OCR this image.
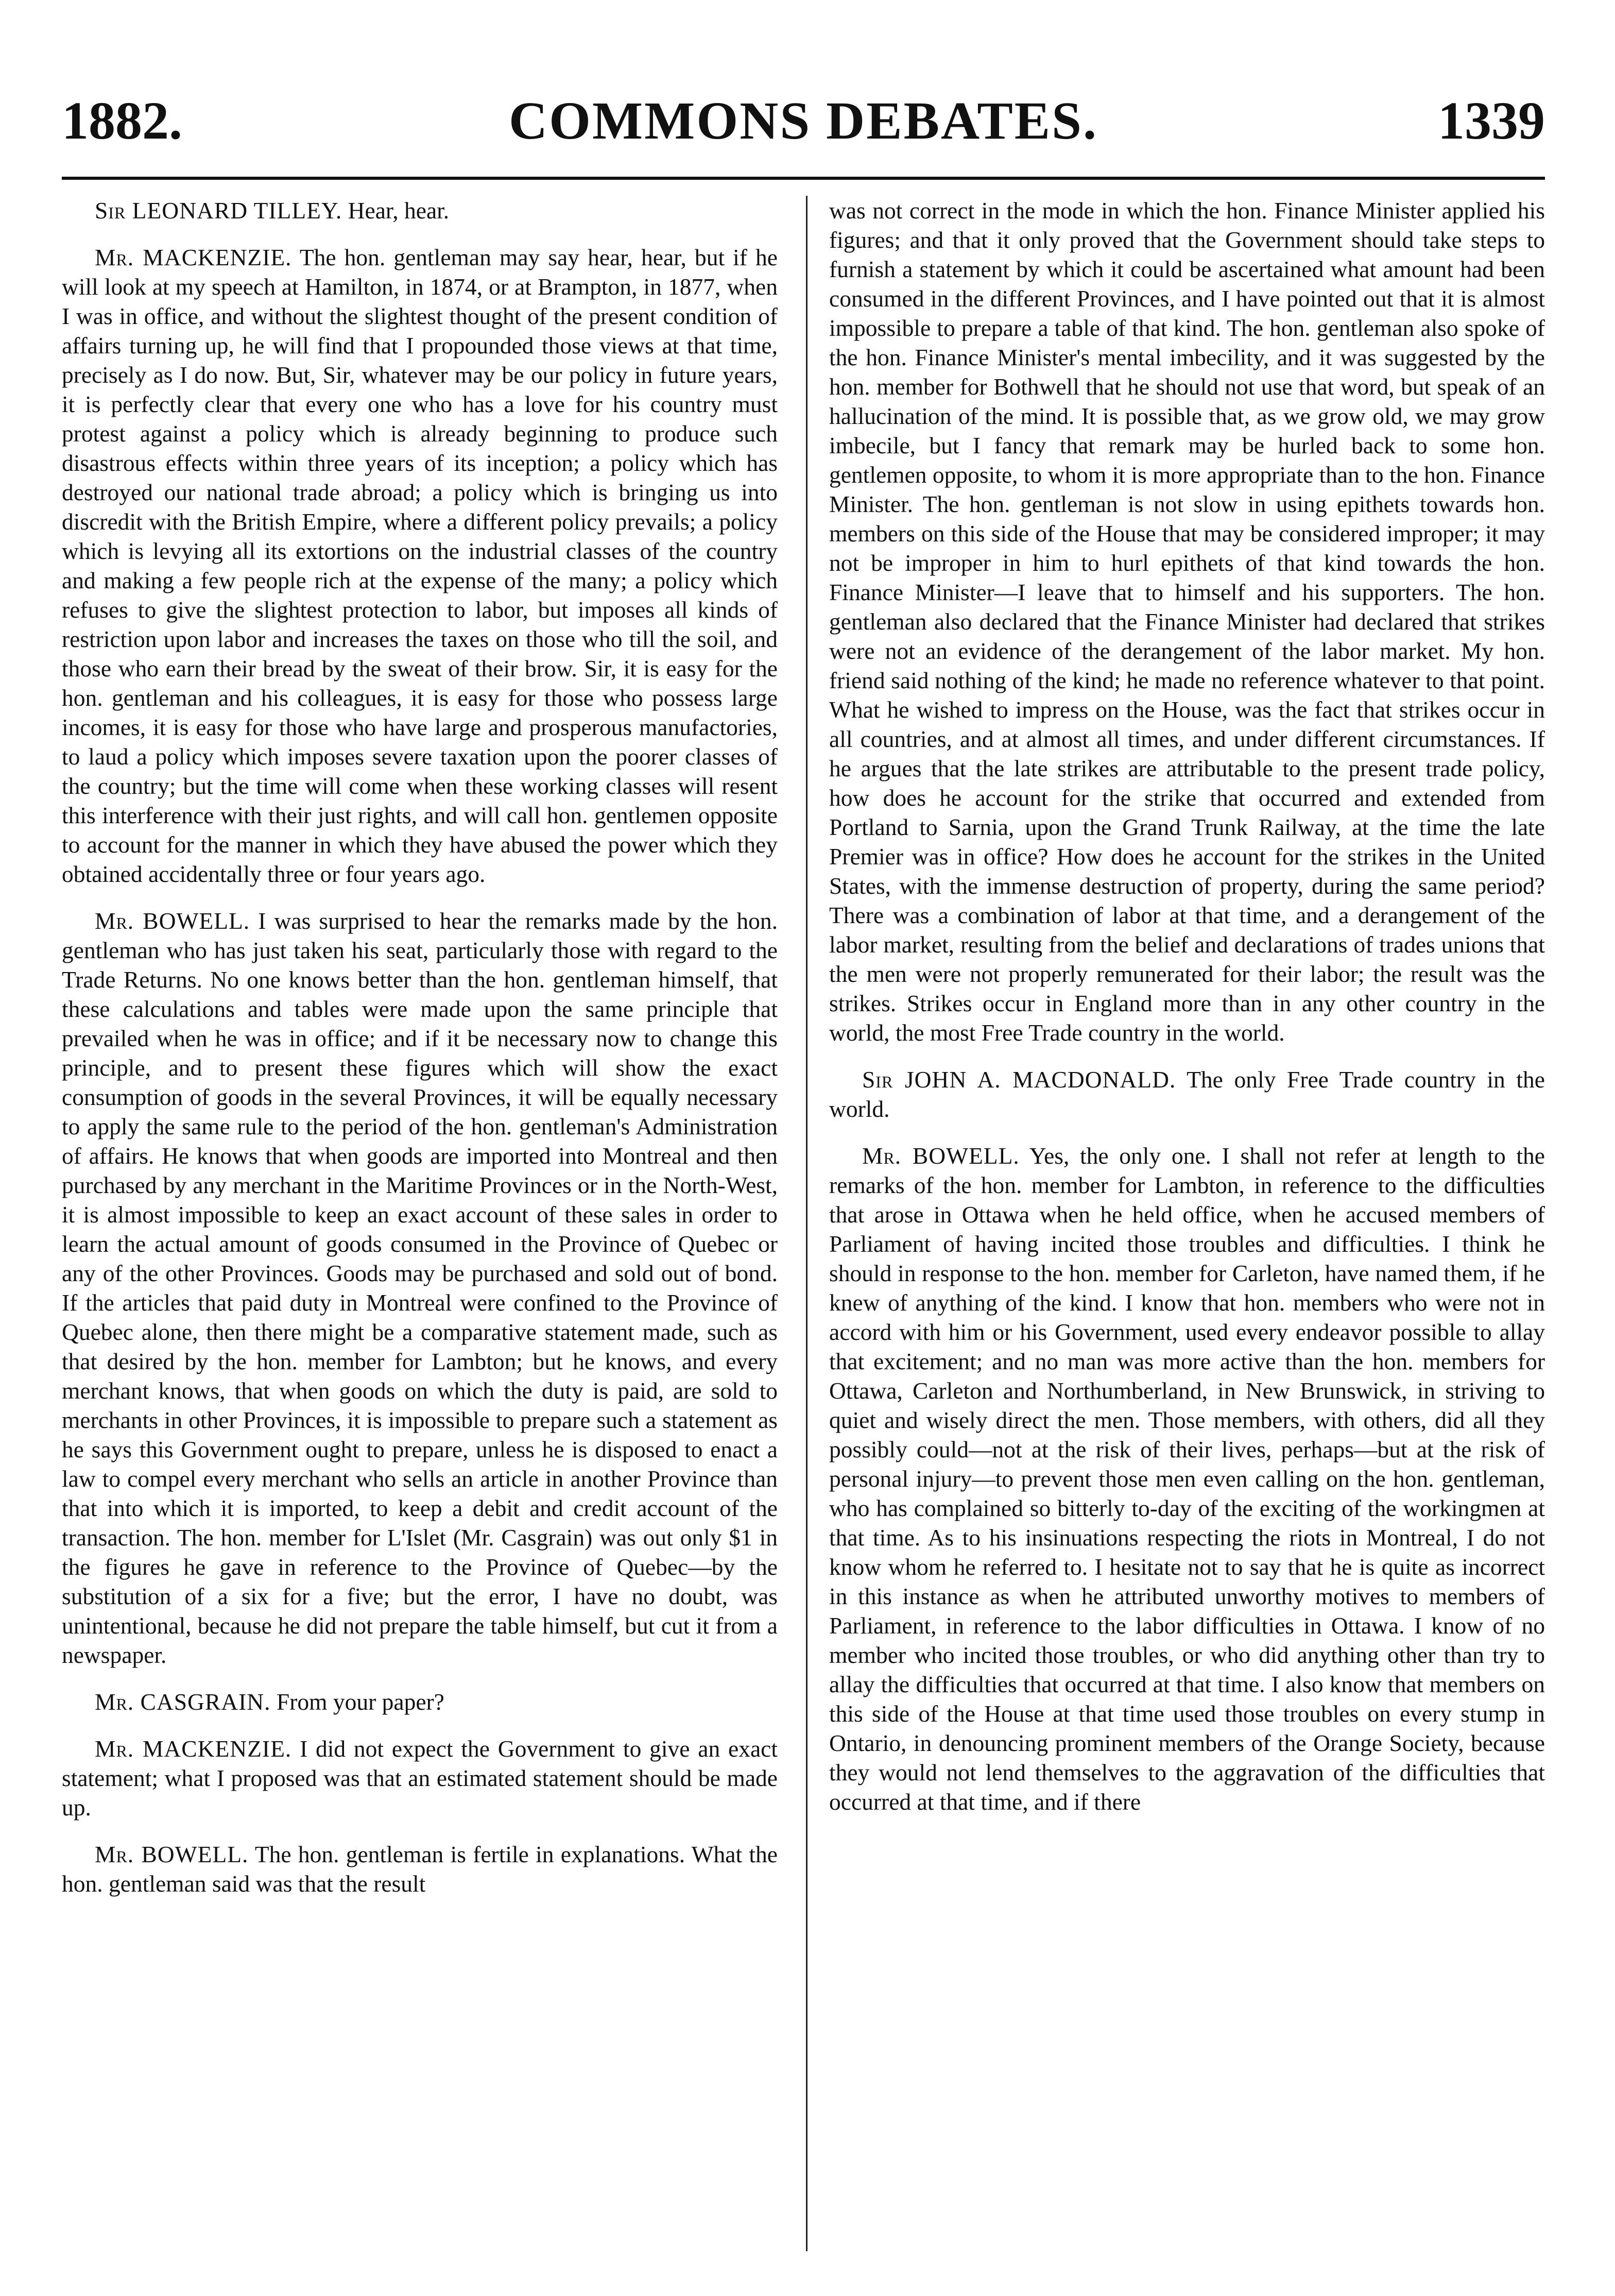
1882.	COMMONS DEBATES.	1339

Sir LEONARD TILLEY. Hear, hear.

Mr. MACKENZIE. The hon. gentleman may say hear, hear, but if he will look at my speech at Hamilton, in 1874, or at Brampton, in 1877, when I was in office, and without the slightest thought of the present condition of affairs turning up, he will find that I propounded those views at that time, precisely as I do now. But, Sir, whatever may be our policy in future years, it is perfectly clear that every one who has a love for his country must protest against a policy which is already beginning to produce such disastrous effects within three years of its inception; a policy which has destroyed our national trade abroad; a policy which is bringing us into discredit with the British Empire, where a different policy prevails; a policy which is levying all its extortions on the industrial classes of the country and making a few people rich at the expense of the many; a policy which refuses to give the slightest protection to labor, but imposes all kinds of restriction upon labor and increases the taxes on those who till the soil, and those who earn their bread by the sweat of their brow. Sir, it is easy for the hon. gentleman and his colleagues, it is easy for those who possess large incomes, it is easy for those who have large and prosperous manufactories, to laud a policy which imposes severe taxation upon the poorer classes of the country; but the time will come when these working classes will resent this interference with their just rights, and will call hon. gentlemen opposite to account for the manner in which they have abused the power which they obtained accidentally three or four years ago.

Mr. BOWELL. I was surprised to hear the remarks made by the hon. gentleman who has just taken his seat, particularly those with regard to the Trade Returns. No one knows better than the hon. gentleman himself, that these calculations and tables were made upon the same principle that prevailed when he was in office; and if it be necessary now to change this principle, and to present these figures which will show the exact consumption of goods in the several Provinces, it will be equally necessary to apply the same rule to the period of the hon. gentleman's Administration of affairs. He knows that when goods are imported into Montreal and then purchased by any merchant in the Maritime Provinces or in the North-West, it is almost impossible to keep an exact account of these sales in order to learn the actual amount of goods consumed in the Province of Quebec or any of the other Provinces. Goods may be purchased and sold out of bond. If the articles that paid duty in Montreal were confined to the Province of Quebec alone, then there might be a comparative statement made, such as that desired by the hon. member for Lambton; but he knows, and every merchant knows, that when goods on which the duty is paid, are sold to merchants in other Provinces, it is impossible to prepare such a statement as he says this Government ought to prepare, unless he is disposed to enact a law to compel every merchant who sells an article in another Province than that into which it is imported, to keep a debit and credit account of the transaction. The hon. member for L'Islet (Mr. Casgrain) was out only $1 in the figures he gave in reference to the Province of Quebec—by the substitution of a six for a five; but the error, I have no doubt, was unintentional, because he did not prepare the table himself, but cut it from a newspaper.

Mr. CASGRAIN. From your paper?

Mr. MACKENZIE. I did not expect the Government to give an exact statement; what I proposed was that an estimated statement should be made up.

Mr. BOWELL. The hon. gentleman is fertile in explanations. What the hon. gentleman said was that the result

was not correct in the mode in which the hon. Finance Minister applied his figures; and that it only proved that the Government should take steps to furnish a statement by which it could be ascertained what amount had been consumed in the different Provinces, and I have pointed out that it is almost impossible to prepare a table of that kind. The hon. gentleman also spoke of the hon. Finance Minister's mental imbecility, and it was suggested by the hon. member for Bothwell that he should not use that word, but speak of an hallucination of the mind. It is possible that, as we grow old, we may grow imbecile, but I fancy that remark may be hurled back to some hon. gentlemen opposite, to whom it is more appropriate than to the hon. Finance Minister. The hon. gentleman is not slow in using epithets towards hon. members on this side of the House that may be considered improper; it may not be improper in him to hurl epithets of that kind towards the hon. Finance Minister—I leave that to himself and his supporters. The hon. gentleman also declared that the Finance Minister had declared that strikes were not an evidence of the derangement of the labor market. My hon. friend said nothing of the kind; he made no reference whatever to that point. What he wished to impress on the House, was the fact that strikes occur in all countries, and at almost all times, and under different circumstances. If he argues that the late strikes are attributable to the present trade policy, how does he account for the strike that occurred and extended from Portland to Sarnia, upon the Grand Trunk Railway, at the time the late Premier was in office? How does he account for the strikes in the United States, with the immense destruction of property, during the same period? There was a combination of labor at that time, and a derangement of the labor market, resulting from the belief and declarations of trades unions that the men were not properly remunerated for their labor; the result was the strikes. Strikes occur in England more than in any other country in the world, the most Free Trade country in the world.

Sir JOHN A. MACDONALD. The only Free Trade country in the world.

Mr. BOWELL. Yes, the only one. I shall not refer at length to the remarks of the hon. member for Lambton, in reference to the difficulties that arose in Ottawa when he held office, when he accused members of Parliament of having incited those troubles and difficulties. I think he should in response to the hon. member for Carleton, have named them, if he knew of anything of the kind. I know that hon. members who were not in accord with him or his Government, used every endeavor possible to allay that excitement; and no man was more active than the hon. members for Ottawa, Carleton and Northumberland, in New Brunswick, in striving to quiet and wisely direct the men. Those members, with others, did all they possibly could—not at the risk of their lives, perhaps—but at the risk of personal injury—to prevent those men even calling on the hon. gentleman, who has complained so bitterly to-day of the exciting of the workingmen at that time. As to his insinuations respecting the riots in Montreal, I do not know whom he referred to. I hesitate not to say that he is quite as incorrect in this instance as when he attributed unworthy motives to members of Parliament, in reference to the labor difficulties in Ottawa. I know of no member who incited those troubles, or who did anything other than try to allay the difficulties that occurred at that time. I also know that members on this side of the House at that time used those troubles on every stump in Ontario, in denouncing prominent members of the Orange Society, because they would not lend themselves to the aggravation of the difficulties that occurred at that time, and if there
